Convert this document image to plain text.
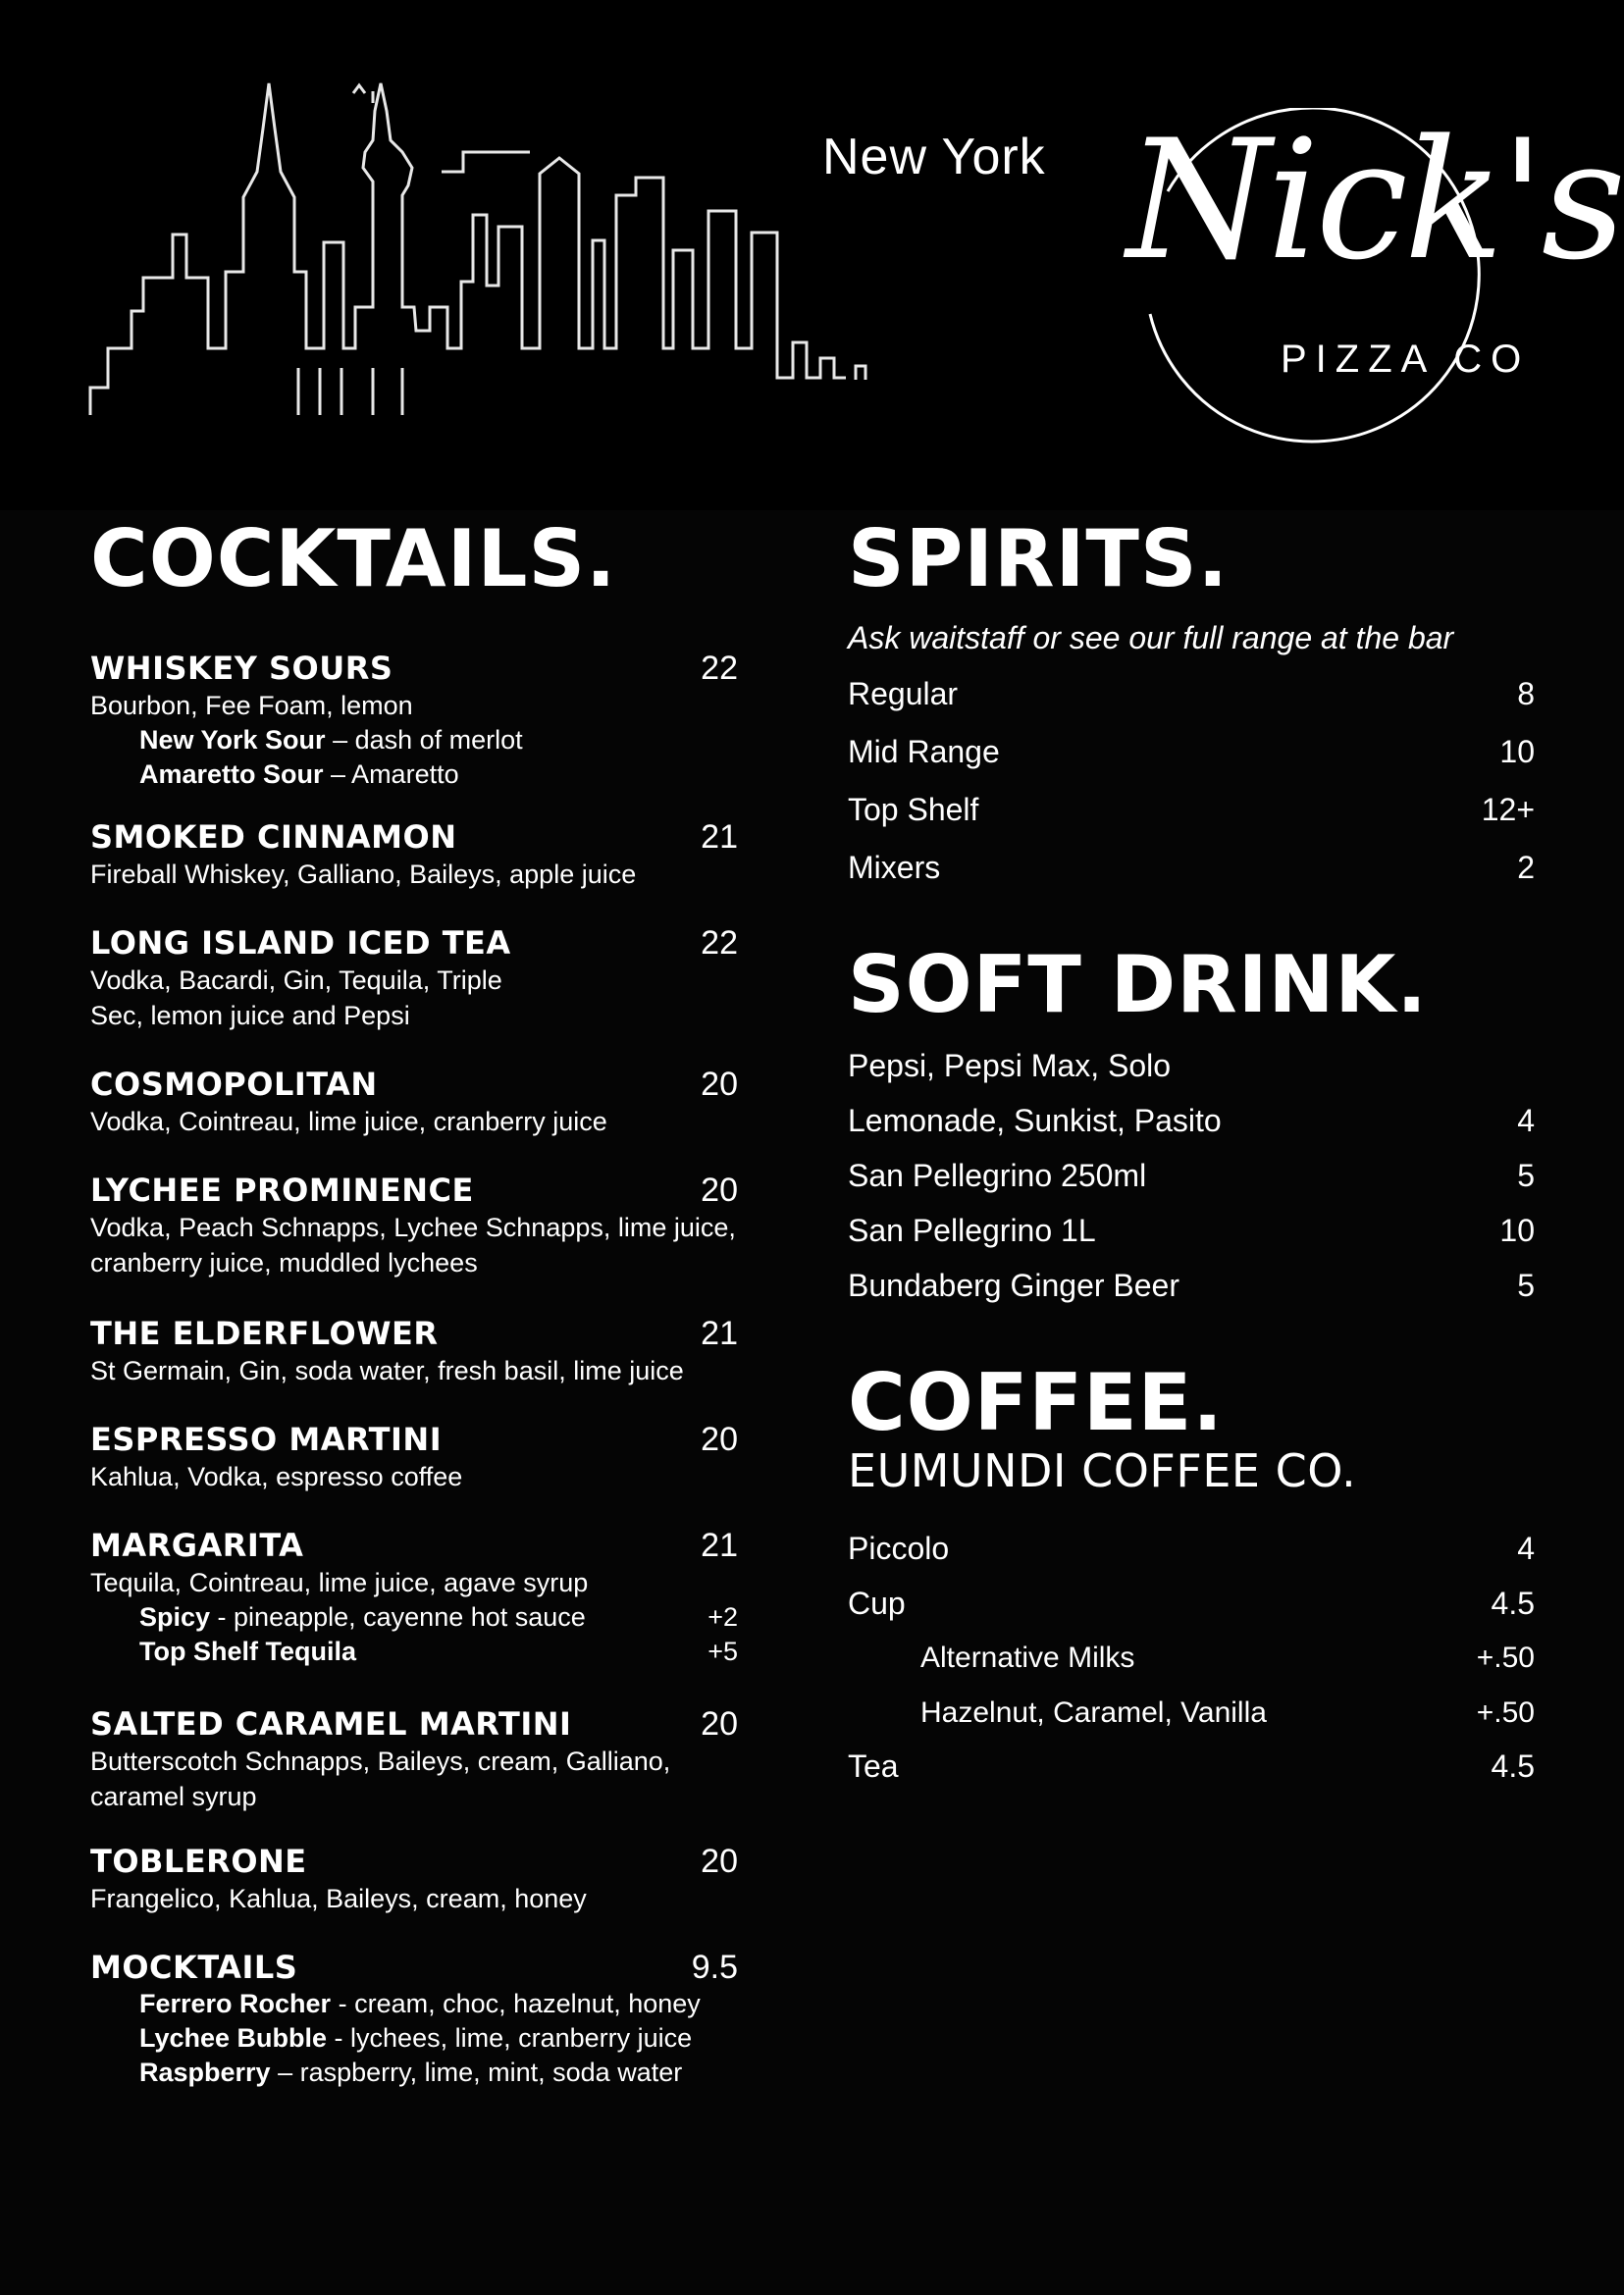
New York Nick's
PIZZA CO
COCKTAILS.
WHISKEY SOURS	22
Bourbon, Fee Foam, lemon
New York Sour – dash of merlot
Amaretto Sour – Amaretto
SMOKED CINNAMON	21
Fireball Whiskey, Galliano, Baileys, apple juice
LONG ISLAND ICED TEA	22
Vodka, Bacardi, Gin, Tequila, Triple
Sec, lemon juice and Pepsi
COSMOPOLITAN	20
Vodka, Cointreau, lime juice, cranberry juice
LYCHEE PROMINENCE	20
Vodka, Peach Schnapps, Lychee Schnapps, lime juice,
cranberry juice, muddled lychees
THE ELDERFLOWER	21
St Germain, Gin, soda water, fresh basil, lime juice
ESPRESSO MARTINI	20
Kahlua, Vodka, espresso coffee
MARGARITA	21
Tequila, Cointreau, lime juice, agave syrup
Spicy - pineapple, cayenne hot sauce	+2
Top Shelf Tequila	+5
SALTED CARAMEL MARTINI	20
Butterscotch Schnapps, Baileys, cream, Galliano,
caramel syrup
TOBLERONE	20
Frangelico, Kahlua, Baileys, cream, honey
MOCKTAILS	9.5
Ferrero Rocher - cream, choc, hazelnut, honey
Lychee Bubble - lychees, lime, cranberry juice
Raspberry – raspberry, lime, mint, soda water
SPIRITS.
Ask waitstaff or see our full range at the bar
Regular	8
Mid Range	10
Top Shelf	12+
Mixers	2
SOFT DRINK.
Pepsi, Pepsi Max, Solo
Lemonade, Sunkist, Pasito	4
San Pellegrino 250ml	5
San Pellegrino 1L	10
Bundaberg Ginger Beer	5
COFFEE.
EUMUNDI COFFEE CO.
Piccolo	4
Cup	4.5
Alternative Milks	+.50
Hazelnut, Caramel, Vanilla	+.50
Tea	4.5
